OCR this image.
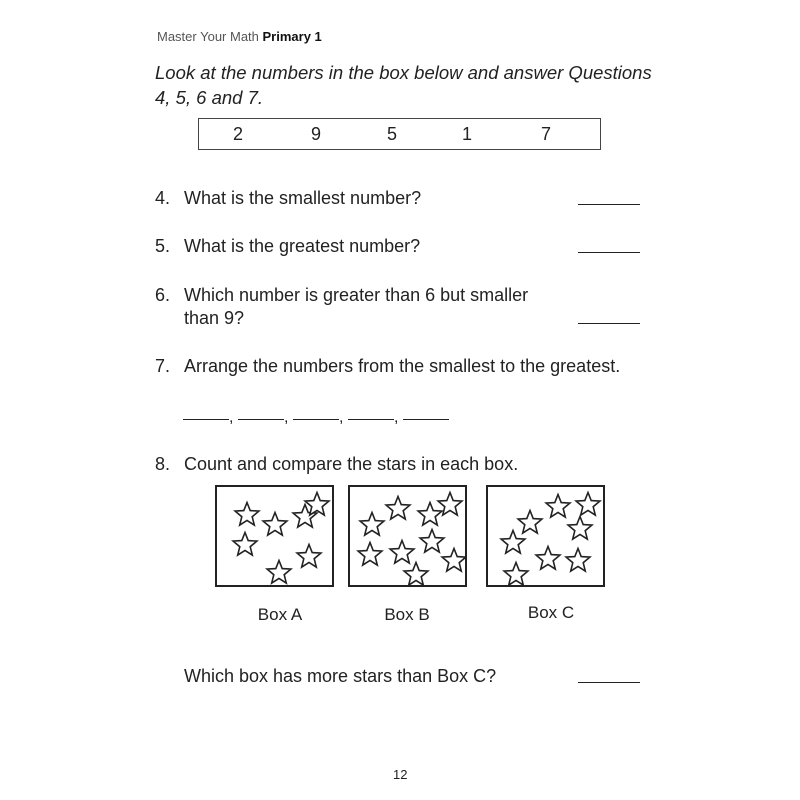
Master Your Math Primary 1
Look at the numbers in the box below and answer Questions 4, 5, 6 and 7.
2	9	5	1	7
4. What is the smallest number?
5. What is the greatest number?
6. Which number is greater than 6 but smaller than 9?
7. Arrange the numbers from the smallest to the greatest.
,	,	,	,
8. Count and compare the stars in each box.
Box A	Box B	Box C
Which box has more stars than Box C?
12
